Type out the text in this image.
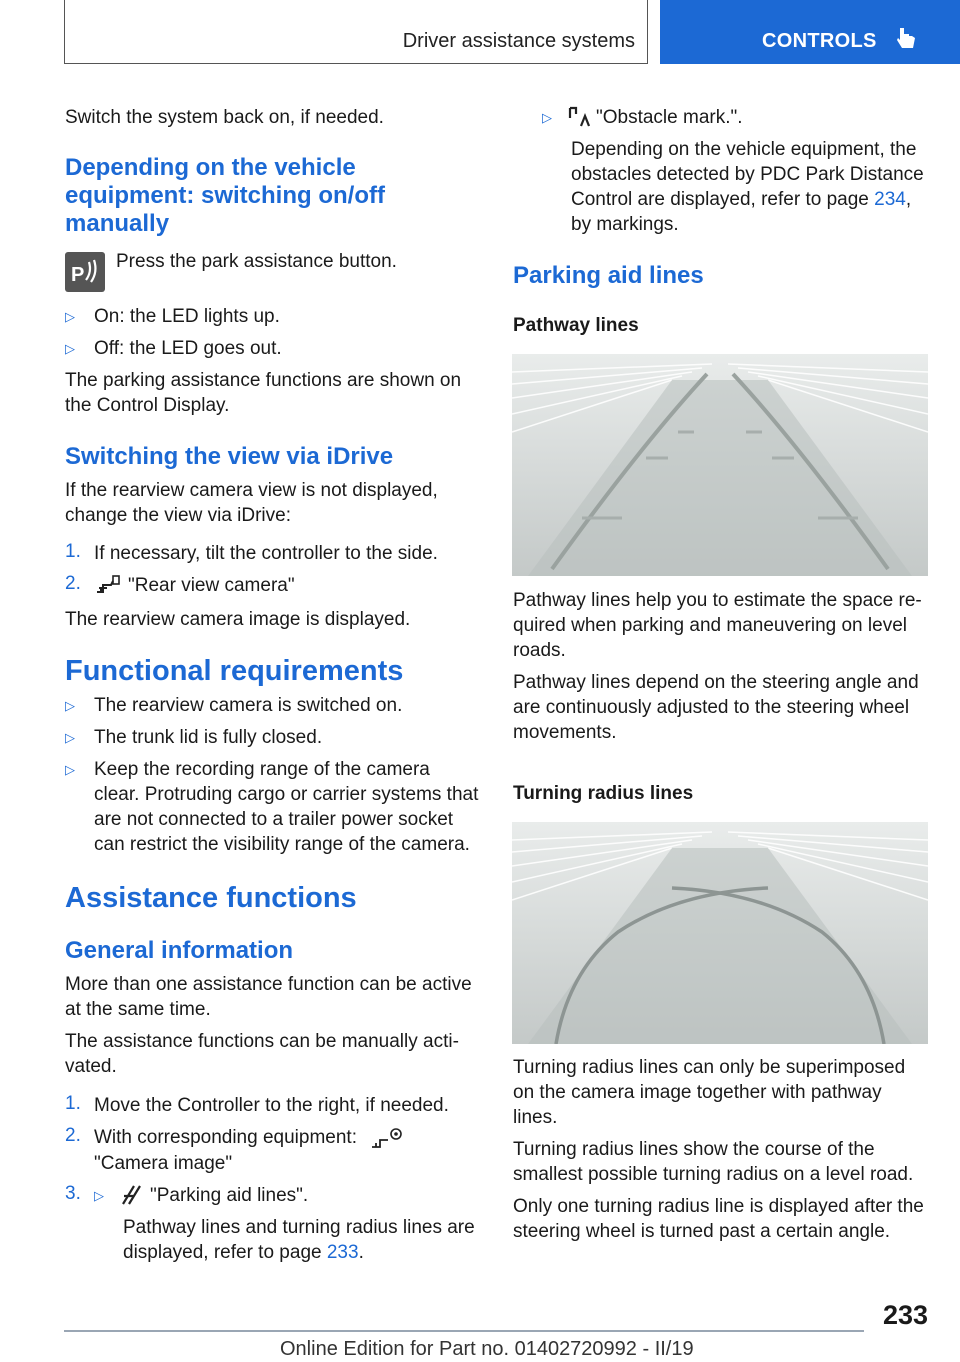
Driver assistance systems	CONTROLS

Switch the system back on, if needed.

Depending on the vehicle
equipment: switching on/off
manually
P

Press the park assistance button.

▷ On: the LED lights up.

▷ Off: the LED goes out.

The parking assistance functions are shown on
the Control Display.

Switching the view via iDrive

If the rearview camera view is not displayed,
change the view via iDrive:

1. If necessary, tilt the controller to the side.

2. "Rear view camera"

The rearview camera image is displayed.

Functional requirements
▷ The rearview camera is switched on.

▷ The trunk lid is fully closed.

▷ Keep the recording range of the camera
clear. Protruding cargo or carrier systems that
are not connected to a trailer power socket
can restrict the visibility range of the camera.

Assistance functions
General information

More than one assistance function can be active
at the same time.

The assistance functions can be manually acti‐
vated.

1. Move the Controller to the right, if needed.

2. With corresponding equipment:

"Camera image"

3. ▷ "Parking aid lines".

Pathway lines and turning radius lines are
displayed, refer to page 233.

▷ "Obstacle mark.".

Depending on the vehicle equipment, the
obstacles detected by PDC Park Distance
Control are displayed, refer to page 234,
by markings.

Parking aid lines
Pathway lines

Pathway lines help you to estimate the space re‐
quired when parking and maneuvering on level
roads.

Pathway lines depend on the steering angle and
are continuously adjusted to the steering wheel
movements.

Turning radius lines

Turning radius lines can only be superimposed
on the camera image together with pathway
lines.

Turning radius lines show the course of the
smallest possible turning radius on a level road.

Only one turning radius line is displayed after the
steering wheel is turned past a certain angle.

233
Online Edition for Part no. 01402720992 - II/19
